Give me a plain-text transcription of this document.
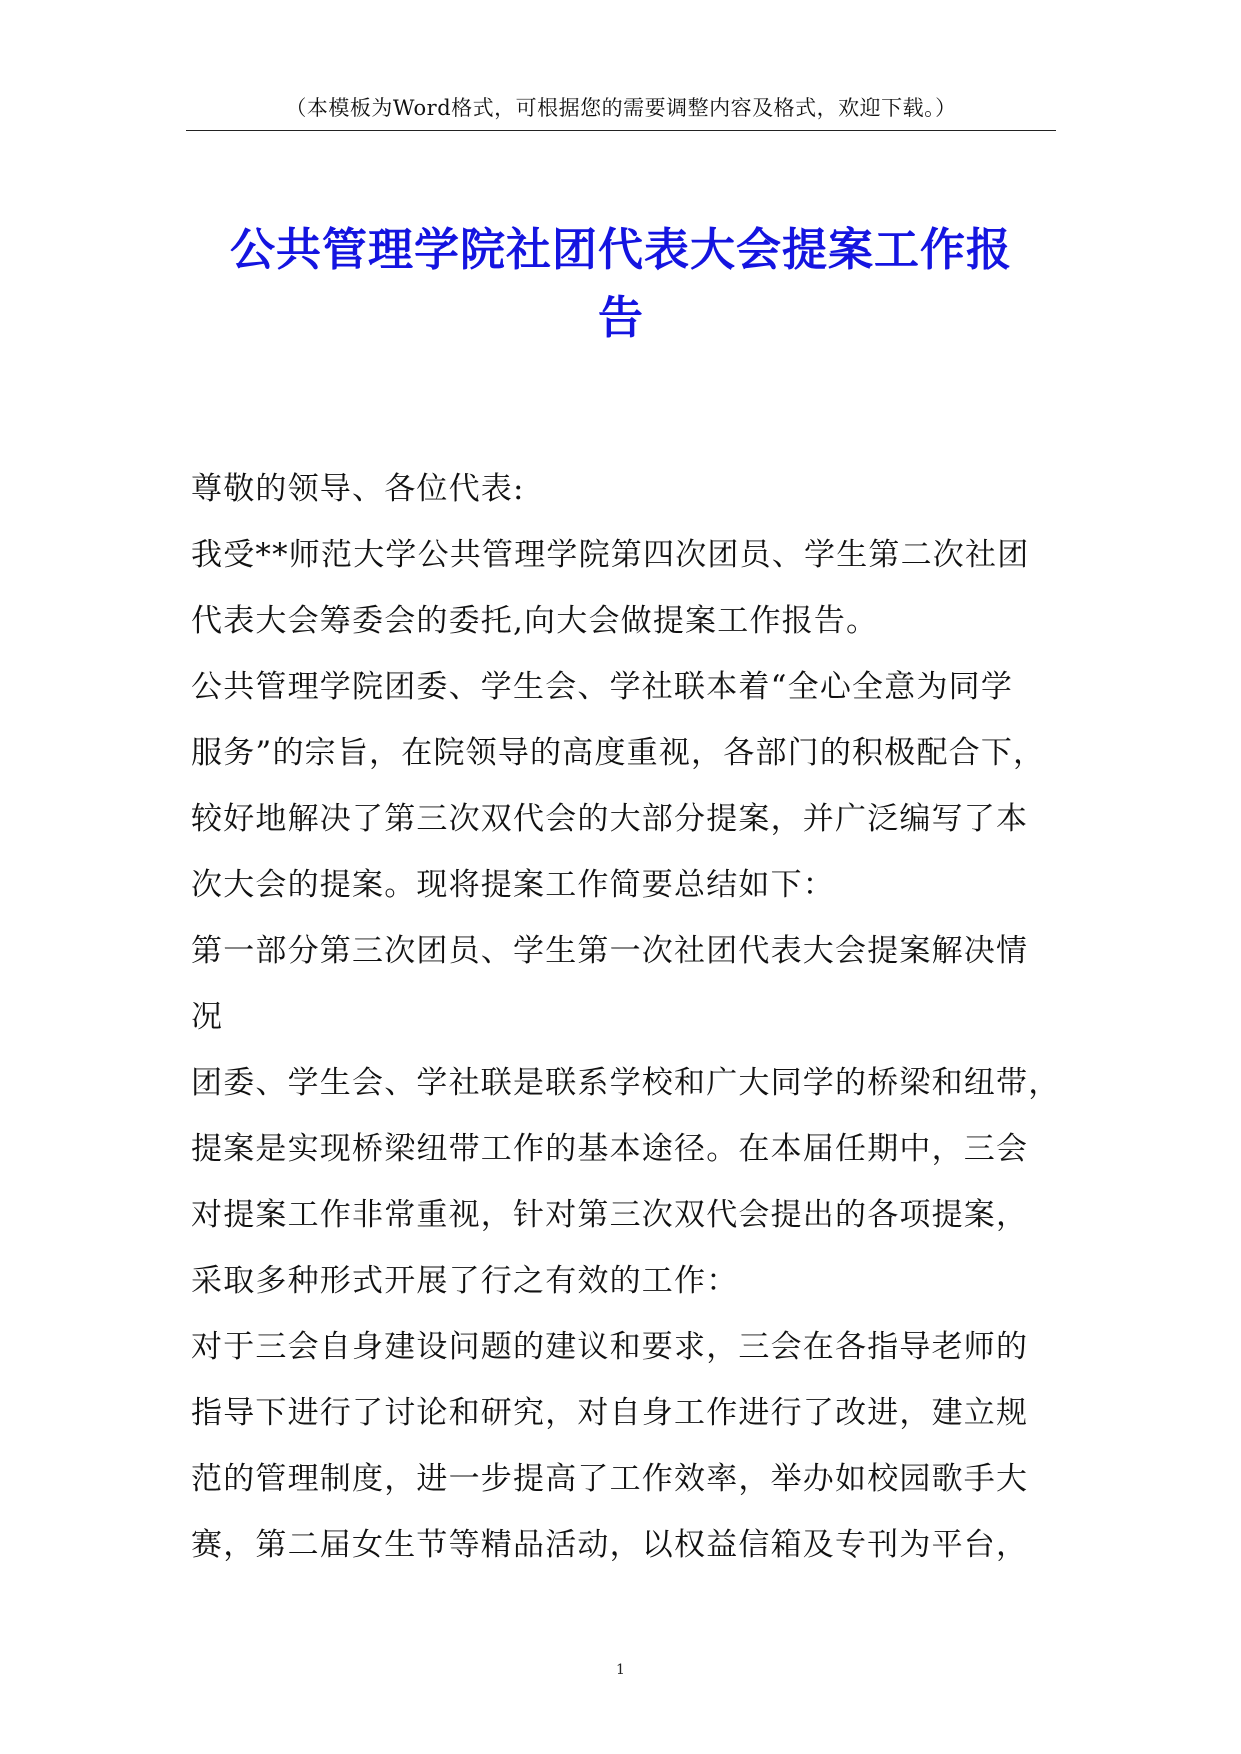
（本模板为Word格式，可根据您的需要调整内容及格式，欢迎下载。）
公共管理学院社团代表大会提案工作报
告
尊敬的领导、各位代表:
我受**师范大学公共管理学院第四次团员、学生第二次社团
代表大会筹委会的委托,向大会做提案工作报告。
公共管理学院团委、学生会、学社联本着“全心全意为同学
服务”的宗旨，在院领导的高度重视，各部门的积极配合下，
较好地解决了第三次双代会的大部分提案，并广泛编写了本
次大会的提案。现将提案工作简要总结如下：
第一部分第三次团员、学生第一次社团代表大会提案解决情
况
团委、学生会、学社联是联系学校和广大同学的桥梁和纽带，
提案是实现桥梁纽带工作的基本途径。在本届任期中，三会
对提案工作非常重视，针对第三次双代会提出的各项提案，
采取多种形式开展了行之有效的工作：
对于三会自身建设问题的建议和要求，三会在各指导老师的
指导下进行了讨论和研究，对自身工作进行了改进，建立规
范的管理制度，进一步提高了工作效率，举办如校园歌手大
赛，第二届女生节等精品活动，以权益信箱及专刊为平台，
1
